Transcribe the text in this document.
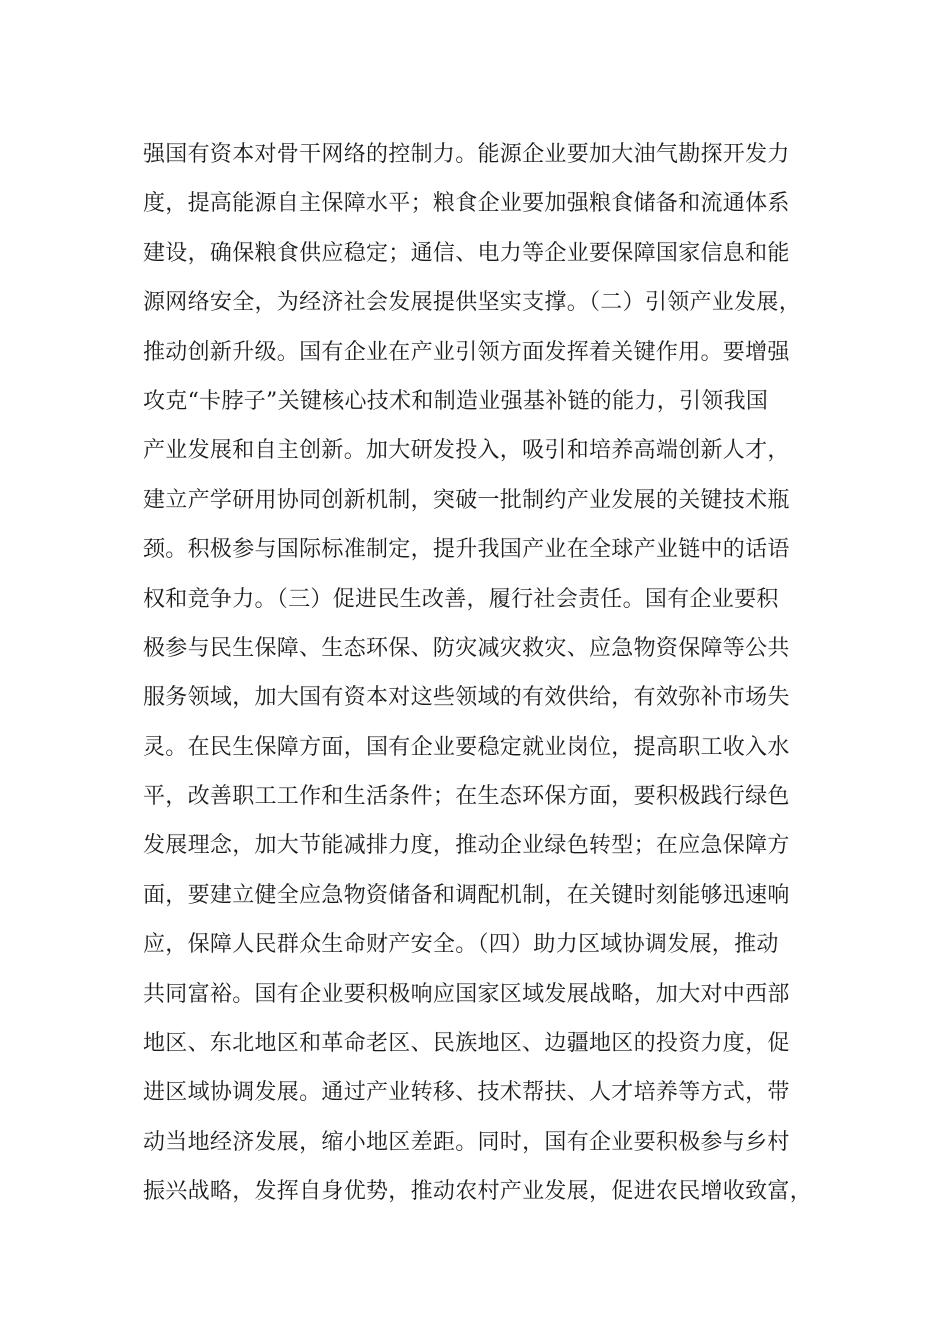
强国有资本对骨干网络的控制力。能源企业要加大油气勘探开发力
度，提高能源自主保障水平；粮食企业要加强粮食储备和流通体系
建设，确保粮食供应稳定；通信、电力等企业要保障国家信息和能
源网络安全，为经济社会发展提供坚实支撑。（二）引领产业发展，
推动创新升级。国有企业在产业引领方面发挥着关键作用。要增强
攻克“卡脖子”关键核心技术和制造业强基补链的能力，引领我国
产业发展和自主创新。加大研发投入，吸引和培养高端创新人才，
建立产学研用协同创新机制，突破一批制约产业发展的关键技术瓶
颈。积极参与国际标准制定，提升我国产业在全球产业链中的话语
权和竞争力。（三）促进民生改善，履行社会责任。国有企业要积
极参与民生保障、生态环保、防灾减灾救灾、应急物资保障等公共
服务领域，加大国有资本对这些领域的有效供给，有效弥补市场失
灵。在民生保障方面，国有企业要稳定就业岗位，提高职工收入水
平，改善职工工作和生活条件；在生态环保方面，要积极践行绿色
发展理念，加大节能减排力度，推动企业绿色转型；在应急保障方
面，要建立健全应急物资储备和调配机制，在关键时刻能够迅速响
应，保障人民群众生命财产安全。（四）助力区域协调发展，推动
共同富裕。国有企业要积极响应国家区域发展战略，加大对中西部
地区、东北地区和革命老区、民族地区、边疆地区的投资力度，促
进区域协调发展。通过产业转移、技术帮扶、人才培养等方式，带
动当地经济发展，缩小地区差距。同时，国有企业要积极参与乡村
振兴战略，发挥自身优势，推动农村产业发展，促进农民增收致富，
